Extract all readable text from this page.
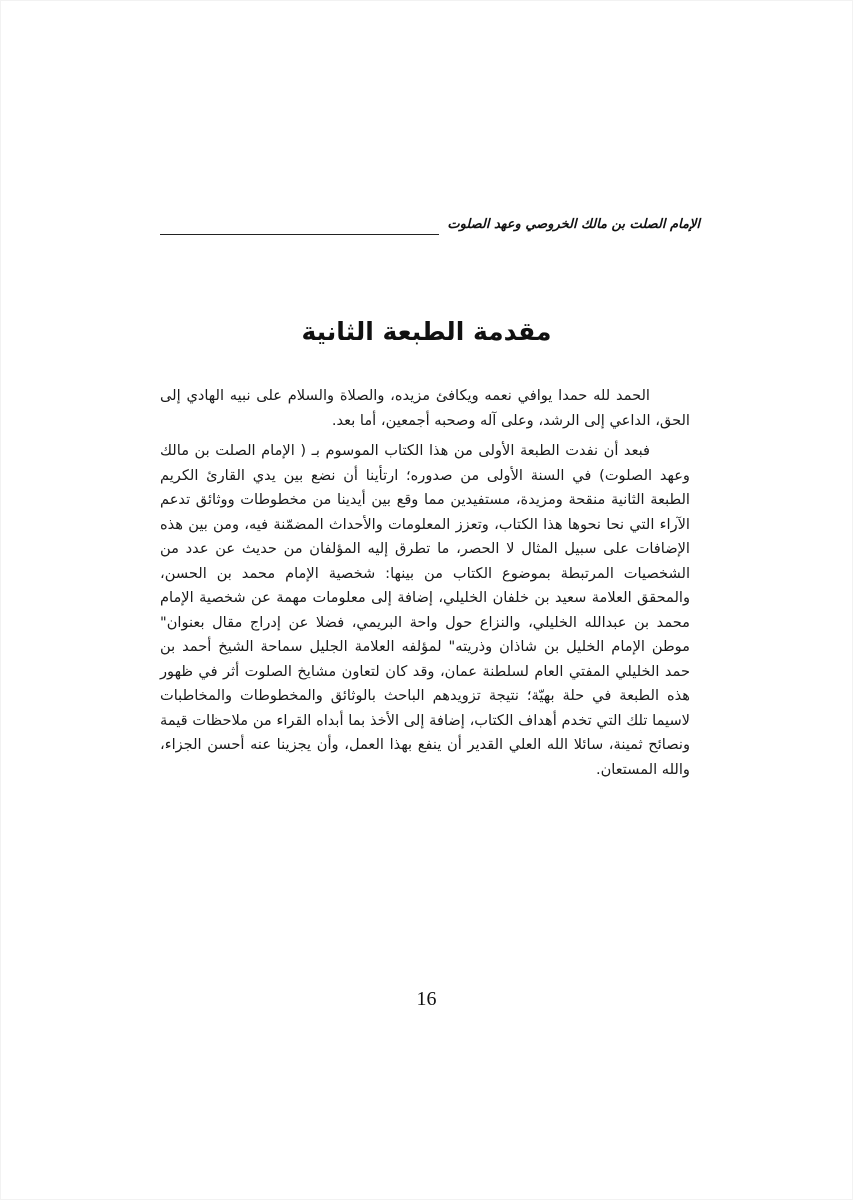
الإمام الصلت بن مالك الخروصي وعهد الصلوت
مقدمة الطبعة الثانية

الحمد لله حمدا يوافي نعمه ويكافئ مزيده، والصلاة والسلام على نبيه الهادي إلى الحق، الداعي إلى الرشد، وعلى آله وصحبه أجمعين، أما بعد.

فبعد أن نفدت الطبعة الأولى من هذا الكتاب الموسوم بـ ( الإمام الصلت بن مالك وعهد الصلوت) في السنة الأولى من صدوره؛ ارتأينا أن نضع بين يدي القارئ الكريم الطبعة الثانية منقحة ومزيدة، مستفيدين مما وقع بين أيدينا من مخطوطات ووثائق تدعم الآراء التي نحا نحوها هذا الكتاب، وتعزز المعلومات والأحداث المضمّنة فيه، ومن بين هذه الإضافات على سبيل المثال لا الحصر، ما تطرق إليه المؤلفان من حديث عن عدد من الشخصيات المرتبطة بموضوع الكتاب من بينها: شخصية الإمام محمد بن الحسن، والمحقق العلامة سعيد بن خلفان الخليلي، إضافة إلى معلومات مهمة عن شخصية الإمام محمد بن عبدالله الخليلي، والنزاع حول واحة البريمي، فضلا عن إدراج مقال بعنوان" موطن الإمام الخليل بن شاذان وذريته" لمؤلفه العلامة الجليل سماحة الشيخ أحمد بن حمد الخليلي المفتي العام لسلطنة عمان، وقد كان لتعاون مشايخ الصلوت أثر في ظهور هذه الطبعة في حلة بهيّة؛ نتيجة تزويدهم الباحث بالوثائق والمخطوطات والمخاطبات لاسيما تلك التي تخدم أهداف الكتاب، إضافة إلى الأخذ بما أبداه القراء من ملاحظات قيمة ونصائح ثمينة، سائلا الله العلي القدير أن ينفع بهذا العمل، وأن يجزينا عنه أحسن الجزاء، والله المستعان.

16
